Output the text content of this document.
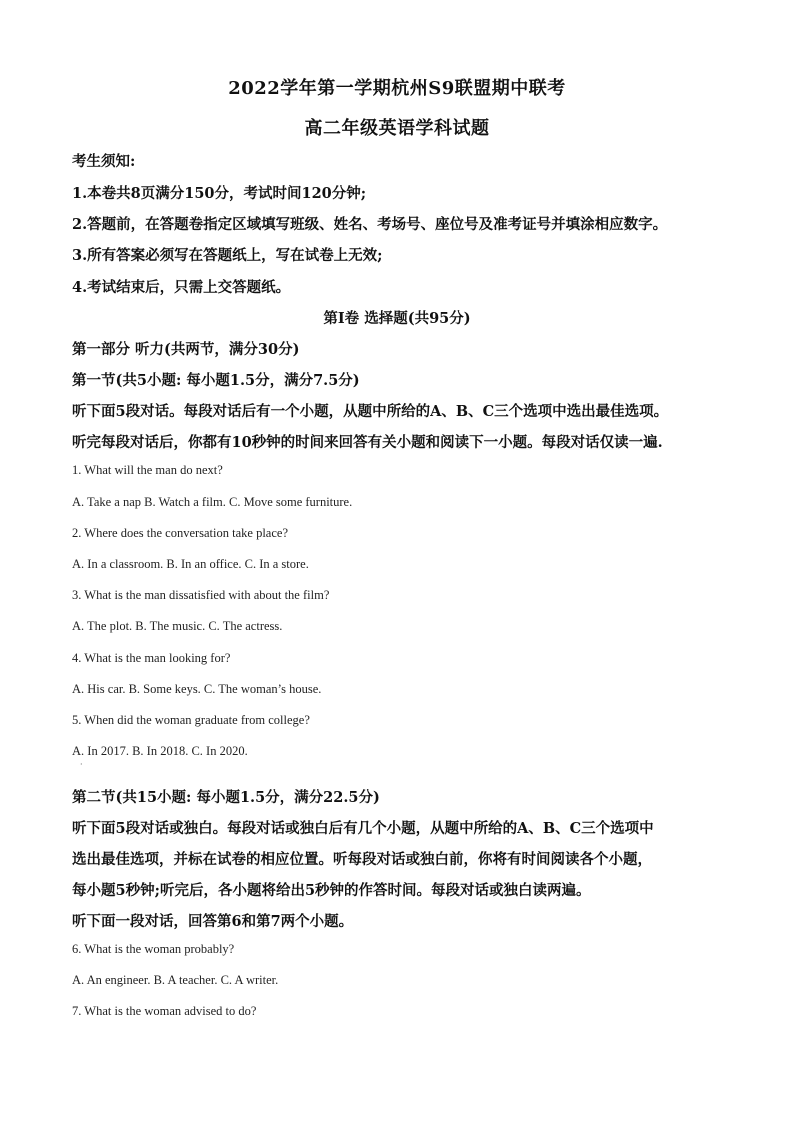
2022学年第一学期杭州S9联盟期中联考
高二年级英语学科试题
考生须知:
1.本卷共8页满分150分，考试时间120分钟;
2.答题前，在答题卷指定区域填写班级、姓名、考场号、座位号及准考证号并填涂相应数字。
3.所有答案必须写在答题纸上，写在试卷上无效;
4.考试结束后，只需上交答题纸。
第Ⅰ卷 选择题(共95分)
第一部分 听力(共两节，满分30分)
第一节(共5小题: 每小题1.5分，满分7.5分)
听下面5段对话。每段对话后有一个小题，从题中所给的A、B、C三个选项中选出最佳选项。
听完每段对话后，你都有10秒钟的时间来回答有关小题和阅读下一小题。每段对话仅读一遍.
1. What will the man do next?
A. Take a nap B. Watch a film. C. Move some furniture.
2. Where does the conversation take place?
A. In a classroom. B. In an office. C. In a store.
3. What is the man dissatisfied with about the film?
A. The plot. B. The music. C. The actress.
4. What is the man looking for?
A. His car. B. Some keys. C. The woman’s house.
5. When did the woman graduate from college?
A. In 2017. B. In 2018. C. In 2020.
·
第二节(共15小题: 每小题1.5分，满分22.5分)
听下面5段对话或独白。每段对话或独白后有几个小题，从题中所给的A、B、C三个选项中
选出最佳选项，并标在试卷的相应位置。听每段对话或独白前，你将有时间阅读各个小题，
每小题5秒钟;听完后，各小题将给出5秒钟的作答时间。每段对话或独白读两遍。
听下面一段对话，回答第6和第7两个小题。
6. What is the woman probably?
A. An engineer. B. A teacher. C. A writer.
7. What is the woman advised to do?
